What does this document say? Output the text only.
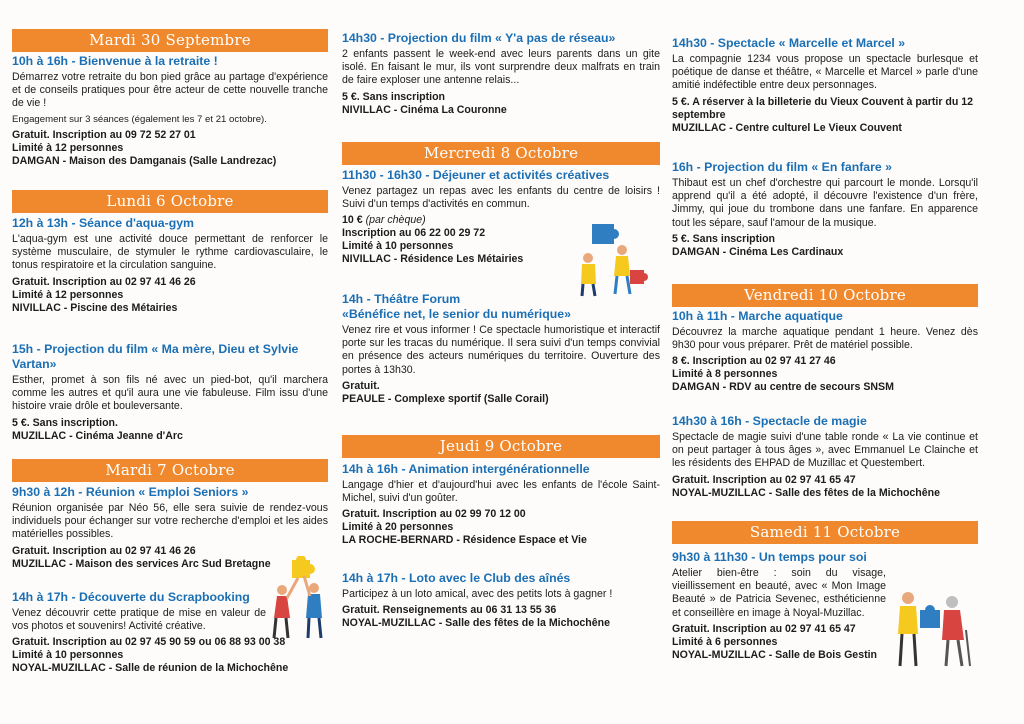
Mardi 30 Septembre

10h à 16h - Bienvenue à la retraite !

Démarrez votre retraite du bon pied grâce au partage d'expérience et de conseils pratiques pour être acteur de cette nouvelle tranche de vie !

Engagement sur 3 séances (également les 7 et 21 octobre).

Gratuit. Inscription au 09 72 52 27 01

Limité à 12 personnes

DAMGAN - Maison des Damganais (Salle Landrezac)

Lundi 6 Octobre

12h à 13h - Séance d'aqua-gym

L'aqua-gym est une activité douce permettant de renforcer le système musculaire, de stymuler le rythme cardiovasculaire, le tonus respiratoire et la circulation sanguine.

Gratuit. Inscription au 02 97 41 46 26

Limité à 12 personnes

NIVILLAC - Piscine des Métairies

15h - Projection du film « Ma mère, Dieu et Sylvie Vartan»

Esther, promet à son fils né avec un pied-bot, qu'il marchera comme les autres et qu'il aura une vie fabuleuse. Film issu d'une histoire vraie drôle et bouleversante.

5 €. Sans inscription.

MUZILLAC - Cinéma Jeanne d'Arc

Mardi 7 Octobre

9h30 à 12h - Réunion « Emploi Seniors »

Réunion organisée par Néo 56, elle sera suivie de rendez-vous individuels pour échanger sur votre recherche d'emploi et les aides matérielles possibles.

Gratuit. Inscription au 02 97 41 46 26

MUZILLAC - Maison des services Arc Sud Bretagne

14h à 17h - Découverte du Scrapbooking

Venez découvrir cette pratique de mise en valeur de vos photos et souvenirs! Activité créative.

Gratuit. Inscription au 02 97 45 90 59 ou 06 88 93 00 38

Limité à 10 personnes

NOYAL-MUZILLAC - Salle de réunion de la Michochêne

14h30 - Projection du film « Y'a pas de réseau»

2 enfants passent le week-end avec leurs parents dans un gite isolé. En faisant le mur, ils vont surprendre deux malfrats en train de faire exploser une antenne relais...

5 €. Sans inscription

NIVILLAC - Cinéma La Couronne

Mercredi 8 Octobre

11h30 - 16h30 - Déjeuner et activités créatives

Venez partagez un repas avec les enfants du centre de loisirs ! Suivi d'un temps d'activités en commun.

10 € (par chèque)

Inscription au 06 22 00 29 72

Limité à 10 personnes

NIVILLAC - Résidence Les Métairies

14h - Théâtre Forum

«Bénéfice net, le senior du numérique»

Venez rire et vous informer ! Ce spectacle humoristique et interactif porte sur les tracas du numérique. Il sera suivi d'un temps convivial en présence des acteurs numériques du territoire. Ouverture des portes à 13h30.

Gratuit.

PEAULE - Complexe sportif (Salle Corail)

Jeudi 9 Octobre

14h à 16h - Animation intergénérationnelle

Langage d'hier et d'aujourd'hui avec les enfants de l'école Saint-Michel, suivi d'un goûter.

Gratuit. Inscription au 02 99 70 12 00

Limité à 20 personnes

LA ROCHE-BERNARD - Résidence Espace et Vie

14h à 17h - Loto avec le Club des aînés

Participez à un loto amical, avec des petits lots à gagner !

Gratuit. Renseignements au 06 31 13 55 36

NOYAL-MUZILLAC - Salle des fêtes de la Michochêne

14h30 - Spectacle « Marcelle et Marcel »

La compagnie 1234 vous propose un spectacle burlesque et poétique de danse et théâtre, « Marcelle et Marcel » parle d'une amitié indéfectible entre deux personnages.

5 €. A réserver à la billeterie du Vieux Couvent à partir du 12 septembre

MUZILLAC - Centre culturel Le Vieux Couvent

16h - Projection du film « En fanfare »

Thibaut est un chef d'orchestre qui parcourt le monde. Lorsqu'il apprend qu'il a été adopté, il découvre l'existence d'un frère, Jimmy, qui joue du trombone dans une fanfare. En apparence tout les sépare, sauf l'amour de la musique.

5 €. Sans inscription

DAMGAN - Cinéma Les Cardinaux

Vendredi 10 Octobre

10h à 11h - Marche aquatique

Découvrez la marche aquatique pendant 1 heure. Venez dès 9h30 pour vous préparer. Prêt de matériel possible.

8 €. Inscription au 02 97 41 27 46

Limité à 8 personnes

DAMGAN - RDV au centre de secours SNSM

14h30 à 16h - Spectacle de magie

Spectacle de magie suivi d'une table ronde « La vie continue et on peut partager à tous âges », avec Emmanuel Le Clainche et les résidents des EHPAD de Muzillac et Questembert.

Gratuit. Inscription au 02 97 41 65 47

NOYAL-MUZILLAC - Salle des fêtes de la Michochêne

Samedi 11 Octobre

9h30 à 11h30 - Un temps pour soi

Atelier bien-être : soin du visage, vieillissement en beauté, avec « Mon Image Beauté » de Patricia Sevenec, esthéticienne et conseillère en image à Noyal-Muzillac.

Gratuit. Inscription au 02 97 41 65 47

Limité à 6 personnes

NOYAL-MUZILLAC - Salle de Bois Gestin
